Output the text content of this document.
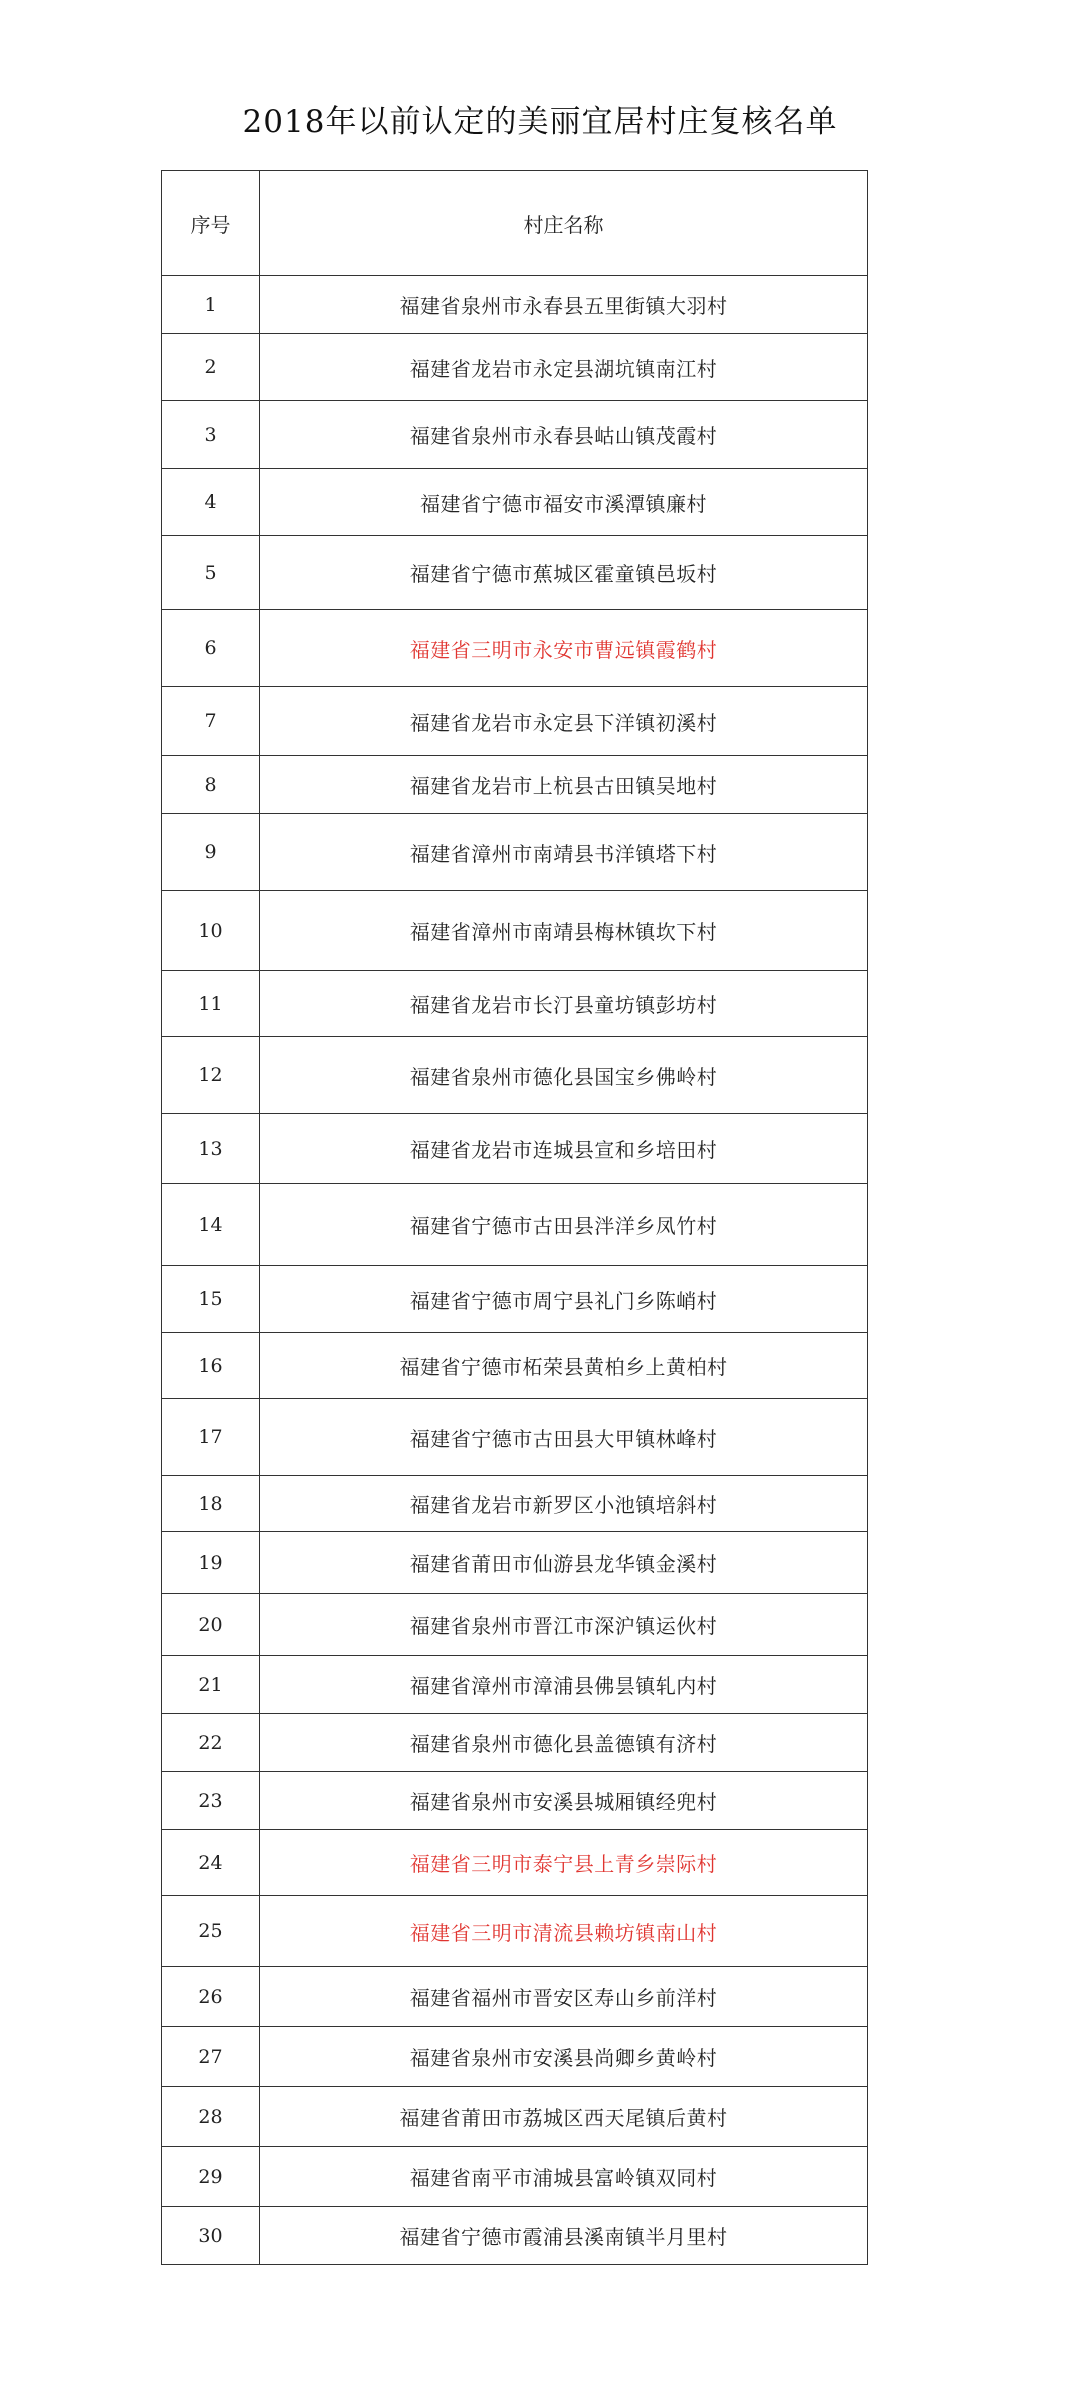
2018年以前认定的美丽宜居村庄复核名单
序号	村庄名称
1	福建省泉州市永春县五里街镇大羽村
2	福建省龙岩市永定县湖坑镇南江村
3	福建省泉州市永春县岵山镇茂霞村
4	福建省宁德市福安市溪潭镇廉村
5	福建省宁德市蕉城区霍童镇邑坂村
6	福建省三明市永安市曹远镇霞鹤村
7	福建省龙岩市永定县下洋镇初溪村
8	福建省龙岩市上杭县古田镇吴地村
9	福建省漳州市南靖县书洋镇塔下村
10	福建省漳州市南靖县梅林镇坎下村
11	福建省龙岩市长汀县童坊镇彭坊村
12	福建省泉州市德化县国宝乡佛岭村
13	福建省龙岩市连城县宣和乡培田村
14	福建省宁德市古田县泮洋乡凤竹村
15	福建省宁德市周宁县礼门乡陈峭村
16	福建省宁德市柘荣县黄柏乡上黄柏村
17	福建省宁德市古田县大甲镇林峰村
18	福建省龙岩市新罗区小池镇培斜村
19	福建省莆田市仙游县龙华镇金溪村
20	福建省泉州市晋江市深沪镇运伙村
21	福建省漳州市漳浦县佛昙镇轧内村
22	福建省泉州市德化县盖德镇有济村
23	福建省泉州市安溪县城厢镇经兜村
24	福建省三明市泰宁县上青乡崇际村
25	福建省三明市清流县赖坊镇南山村
26	福建省福州市晋安区寿山乡前洋村
27	福建省泉州市安溪县尚卿乡黄岭村
28	福建省莆田市荔城区西天尾镇后黄村
29	福建省南平市浦城县富岭镇双同村
30	福建省宁德市霞浦县溪南镇半月里村
